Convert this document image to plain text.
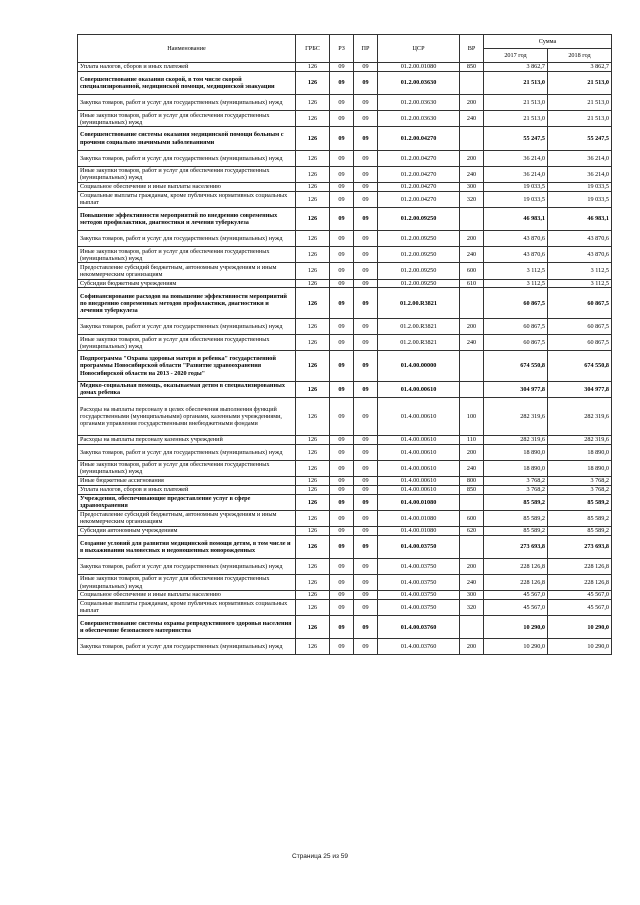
Наименование	ГРБС	РЗ	ПР	ЦСР	ВР	Сумма	
						2017 год	2018 год
Уплата налогов, сборов и иных платежей	126	09	09	01.2.00.01080	850	3 862,7	3 862,7
Совершенствование оказания скорой, в том числе скорой специализированной, медицинской помощи, медицинской эвакуации	126	09	09	01.2.00.03630		21 513,0	21 513,0
Закупка товаров, работ и услуг для государственных (муниципальных) нужд	126	09	09	01.2.00.03630	200	21 513,0	21 513,0
Иные закупки товаров, работ и услуг для обеспечения государственных (муниципальных) нужд	126	09	09	01.2.00.03630	240	21 513,0	21 513,0
Совершенствование системы оказания медицинской помощи больным с прочими социально значимыми заболеваниями	126	09	09	01.2.00.04270		55 247,5	55 247,5
Закупка товаров, работ и услуг для государственных (муниципальных) нужд	126	09	09	01.2.00.04270	200	36 214,0	36 214,0
Иные закупки товаров, работ и услуг для обеспечения государственных (муниципальных) нужд	126	09	09	01.2.00.04270	240	36 214,0	36 214,0
Социальное обеспечение и иные выплаты населению	126	09	09	01.2.00.04270	300	19 033,5	19 033,5
Социальные выплаты гражданам, кроме публичных нормативных социальных выплат	126	09	09	01.2.00.04270	320	19 033,5	19 033,5
Повышение эффективности мероприятий по внедрению современных методов профилактики, диагностики и лечения туберкулеза	126	09	09	01.2.00.09250		46 983,1	46 983,1
Закупка товаров, работ и услуг для государственных (муниципальных) нужд	126	09	09	01.2.00.09250	200	43 870,6	43 870,6
Иные закупки товаров, работ и услуг для обеспечения государственных (муниципальных) нужд	126	09	09	01.2.00.09250	240	43 870,6	43 870,6
Предоставление субсидий бюджетным, автономным учреждениям и иным некоммерческим организациям	126	09	09	01.2.00.09250	600	3 112,5	3 112,5
Субсидии бюджетным учреждениям	126	09	09	01.2.00.09250	610	3 112,5	3 112,5
Софинансирование расходов на повышение эффективности мероприятий по внедрению современных методов профилактики, диагностики и лечения туберкулеза	126	09	09	01.2.00.R3821		60 867,5	60 867,5
Закупка товаров, работ и услуг для государственных (муниципальных) нужд	126	09	09	01.2.00.R3821	200	60 867,5	60 867,5
Иные закупки товаров, работ и услуг для обеспечения государственных (муниципальных) нужд	126	09	09	01.2.00.R3821	240	60 867,5	60 867,5
Подпрограмма "Охрана здоровья матери и ребенка" государственной программы Новосибирской области "Развитие здравоохранения Новосибирской области на 2013 - 2020 годы"	126	09	09	01.4.00.00000		674 550,8	674 550,8
Медико-социальная помощь, оказываемая детям в специализированных домах ребенка	126	09	09	01.4.00.00610		304 977,8	304 977,8
Расходы на выплаты персоналу в целях обеспечения выполнения функций государственными (муниципальными) органами, казенными учреждениями, органами управления государственными внебюджетными фондами	126	09	09	01.4.00.00610	100	282 319,6	282 319,6
Расходы на выплаты персоналу казенных учреждений	126	09	09	01.4.00.00610	110	282 319,6	282 319,6
Закупка товаров, работ и услуг для государственных (муниципальных) нужд	126	09	09	01.4.00.00610	200	18 890,0	18 890,0
Иные закупки товаров, работ и услуг для обеспечения государственных (муниципальных) нужд	126	09	09	01.4.00.00610	240	18 890,0	18 890,0
Иные бюджетные ассигнования	126	09	09	01.4.00.00610	800	3 768,2	3 768,2
Уплата налогов, сборов и иных платежей	126	09	09	01.4.00.00610	850	3 768,2	3 768,2
Учреждения, обеспечивающие предоставление услуг в сфере здравоохранения	126	09	09	01.4.00.01080		85 589,2	85 589,2
Предоставление субсидий бюджетным, автономным учреждениям и иным некоммерческим организациям	126	09	09	01.4.00.01080	600	85 589,2	85 589,2
Субсидии автономным учреждениям	126	09	09	01.4.00.01080	620	85 589,2	85 589,2
Создание условий для развития медицинской помощи детям, в том числе и в выхаживании маловесных и недоношенных новорожденных	126	09	09	01.4.00.03750		273 693,8	273 693,8
Закупка товаров, работ и услуг для государственных (муниципальных) нужд	126	09	09	01.4.00.03750	200	228 126,8	228 126,8
Иные закупки товаров, работ и услуг для обеспечения государственных (муниципальных) нужд	126	09	09	01.4.00.03750	240	228 126,8	228 126,8
Социальное обеспечение и иные выплаты населению	126	09	09	01.4.00.03750	300	45 567,0	45 567,0
Социальные выплаты гражданам, кроме публичных нормативных социальных выплат	126	09	09	01.4.00.03750	320	45 567,0	45 567,0
Совершенствование системы охраны репродуктивного здоровья населения и обеспечение безопасного материнства	126	09	09	01.4.00.03760		10 290,0	10 290,0
Закупка товаров, работ и услуг для государственных (муниципальных) нужд	126	09	09	01.4.00.03760	200	10 290,0	10 290,0
Страница 25 из 59
